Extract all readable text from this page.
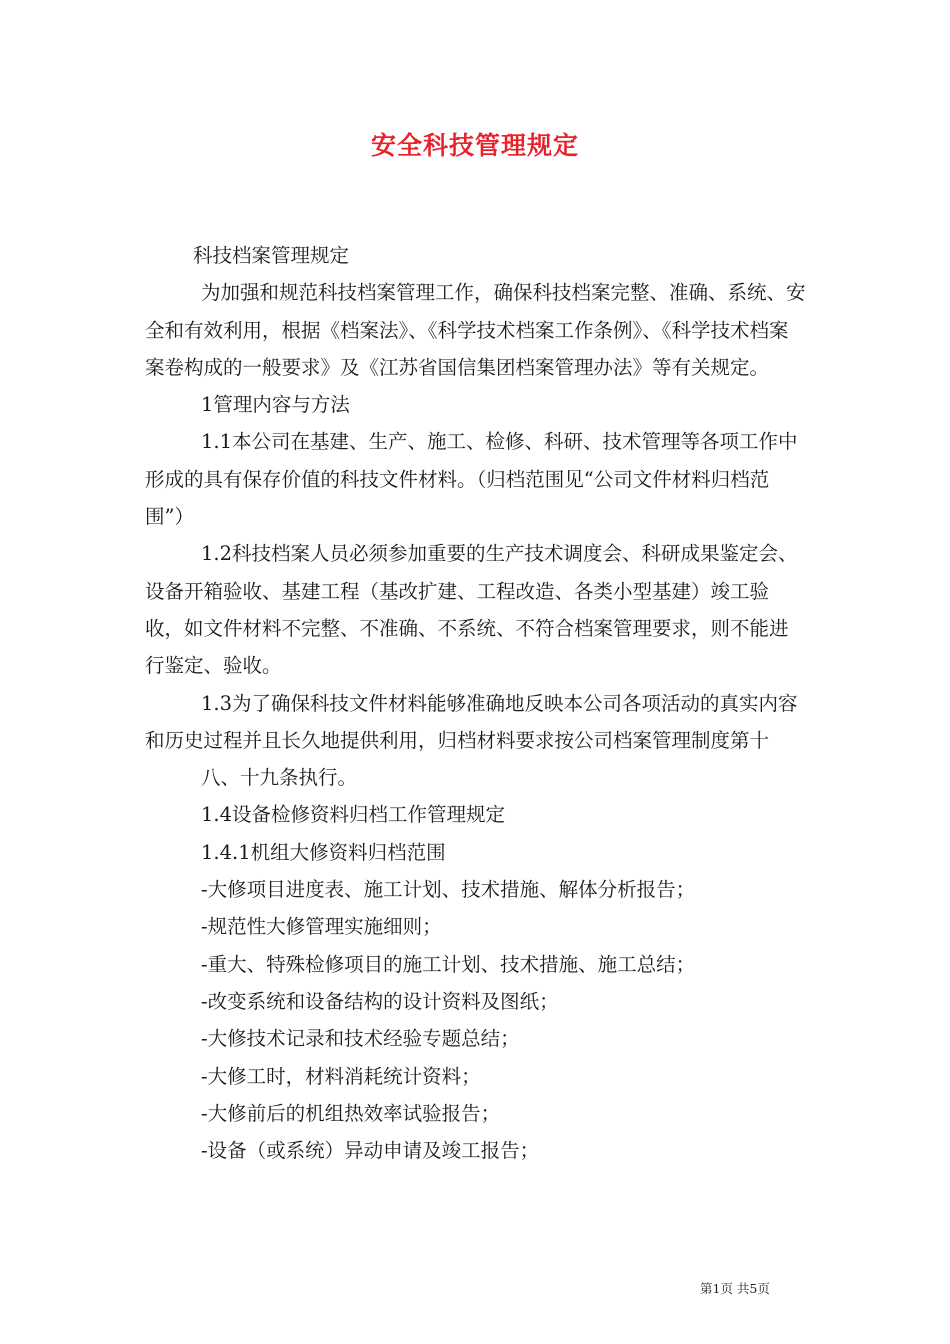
安全科技管理规定

科技档案管理规定

为加强和规范科技档案管理工作，确保科技档案完整、准确、系统、安全和有效利用，根据《档案法》、《科学技术档案工作条例》、《科学技术档案案卷构成的一般要求》及《江苏省国信集团档案管理办法》等有关规定。

1管理内容与方法

1.1本公司在基建、生产、施工、检修、科研、技术管理等各项工作中形成的具有保存价值的科技文件材料。（归档范围见“公司文件材料归档范围”）

1.2科技档案人员必须参加重要的生产技术调度会、科研成果鉴定会、设备开箱验收、基建工程（基改扩建、工程改造、各类小型基建）竣工验收，如文件材料不完整、不准确、不系统、不符合档案管理要求，则不能进行鉴定、验收。

1.3为了确保科技文件材料能够准确地反映本公司各项活动的真实内容和历史过程并且长久地提供利用，归档材料要求按公司档案管理制度第十

八、十九条执行。

1.4设备检修资料归档工作管理规定

1.4.1机组大修资料归档范围

-大修项目进度表、施工计划、技术措施、解体分析报告；

-规范性大修管理实施细则；

-重大、特殊检修项目的施工计划、技术措施、施工总结；

-改变系统和设备结构的设计资料及图纸；

-大修技术记录和技术经验专题总结；

-大修工时，材料消耗统计资料；

-大修前后的机组热效率试验报告；

-设备（或系统）异动申请及竣工报告；

第1页 共5页
